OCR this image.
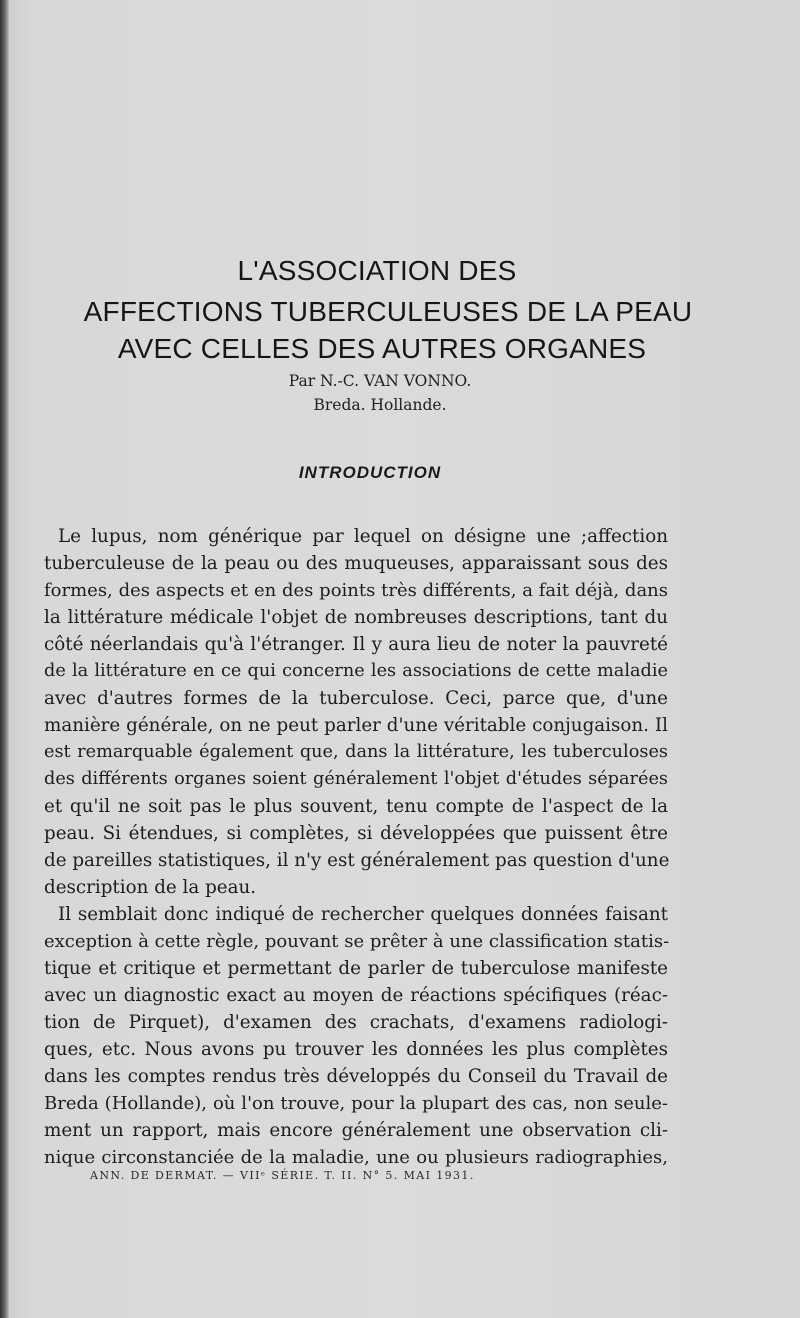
L'ASSOCIATION DES
AFFECTIONS TUBERCULEUSES DE LA PEAU
AVEC CELLES DES AUTRES ORGANES
Par N.-C. VAN VONNO.
Breda. Hollande.
INTRODUCTION
Le lupus, nom générique par lequel on désigne une ;affection
tuberculeuse de la peau ou des muqueuses, apparaissant sous des
formes, des aspects et en des points très différents, a fait déjà, dans
la littérature médicale l'objet de nombreuses descriptions, tant du
côté néerlandais qu'à l'étranger. Il y aura lieu de noter la pauvreté
de la littérature en ce qui concerne les associations de cette maladie
avec d'autres formes de la tuberculose. Ceci, parce que, d'une
manière générale, on ne peut parler d'une véritable conjugaison. Il
est remarquable également que, dans la littérature, les tuberculoses
des différents organes soient généralement l'objet d'études séparées
et qu'il ne soit pas le plus souvent, tenu compte de l'aspect de la
peau. Si étendues, si complètes, si développées que puissent être
de pareilles statistiques, il n'y est généralement pas question d'une
description de la peau.
Il semblait donc indiqué de rechercher quelques données faisant
exception à cette règle, pouvant se prêter à une classification statis-
tique et critique et permettant de parler de tuberculose manifeste
avec un diagnostic exact au moyen de réactions spécifiques (réac-
tion de Pirquet), d'examen des crachats, d'examens radiologi-
ques, etc. Nous avons pu trouver les données les plus complètes
dans les comptes rendus très développés du Conseil du Travail de
Breda (Hollande), où l'on trouve, pour la plupart des cas, non seule-
ment un rapport, mais encore généralement une observation cli-
nique circonstanciée de la maladie, une ou plusieurs radiographies,
ANN. DE DERMAT. — VIIᵉ SÉRIE. T. II. N° 5. MAI 1931.
